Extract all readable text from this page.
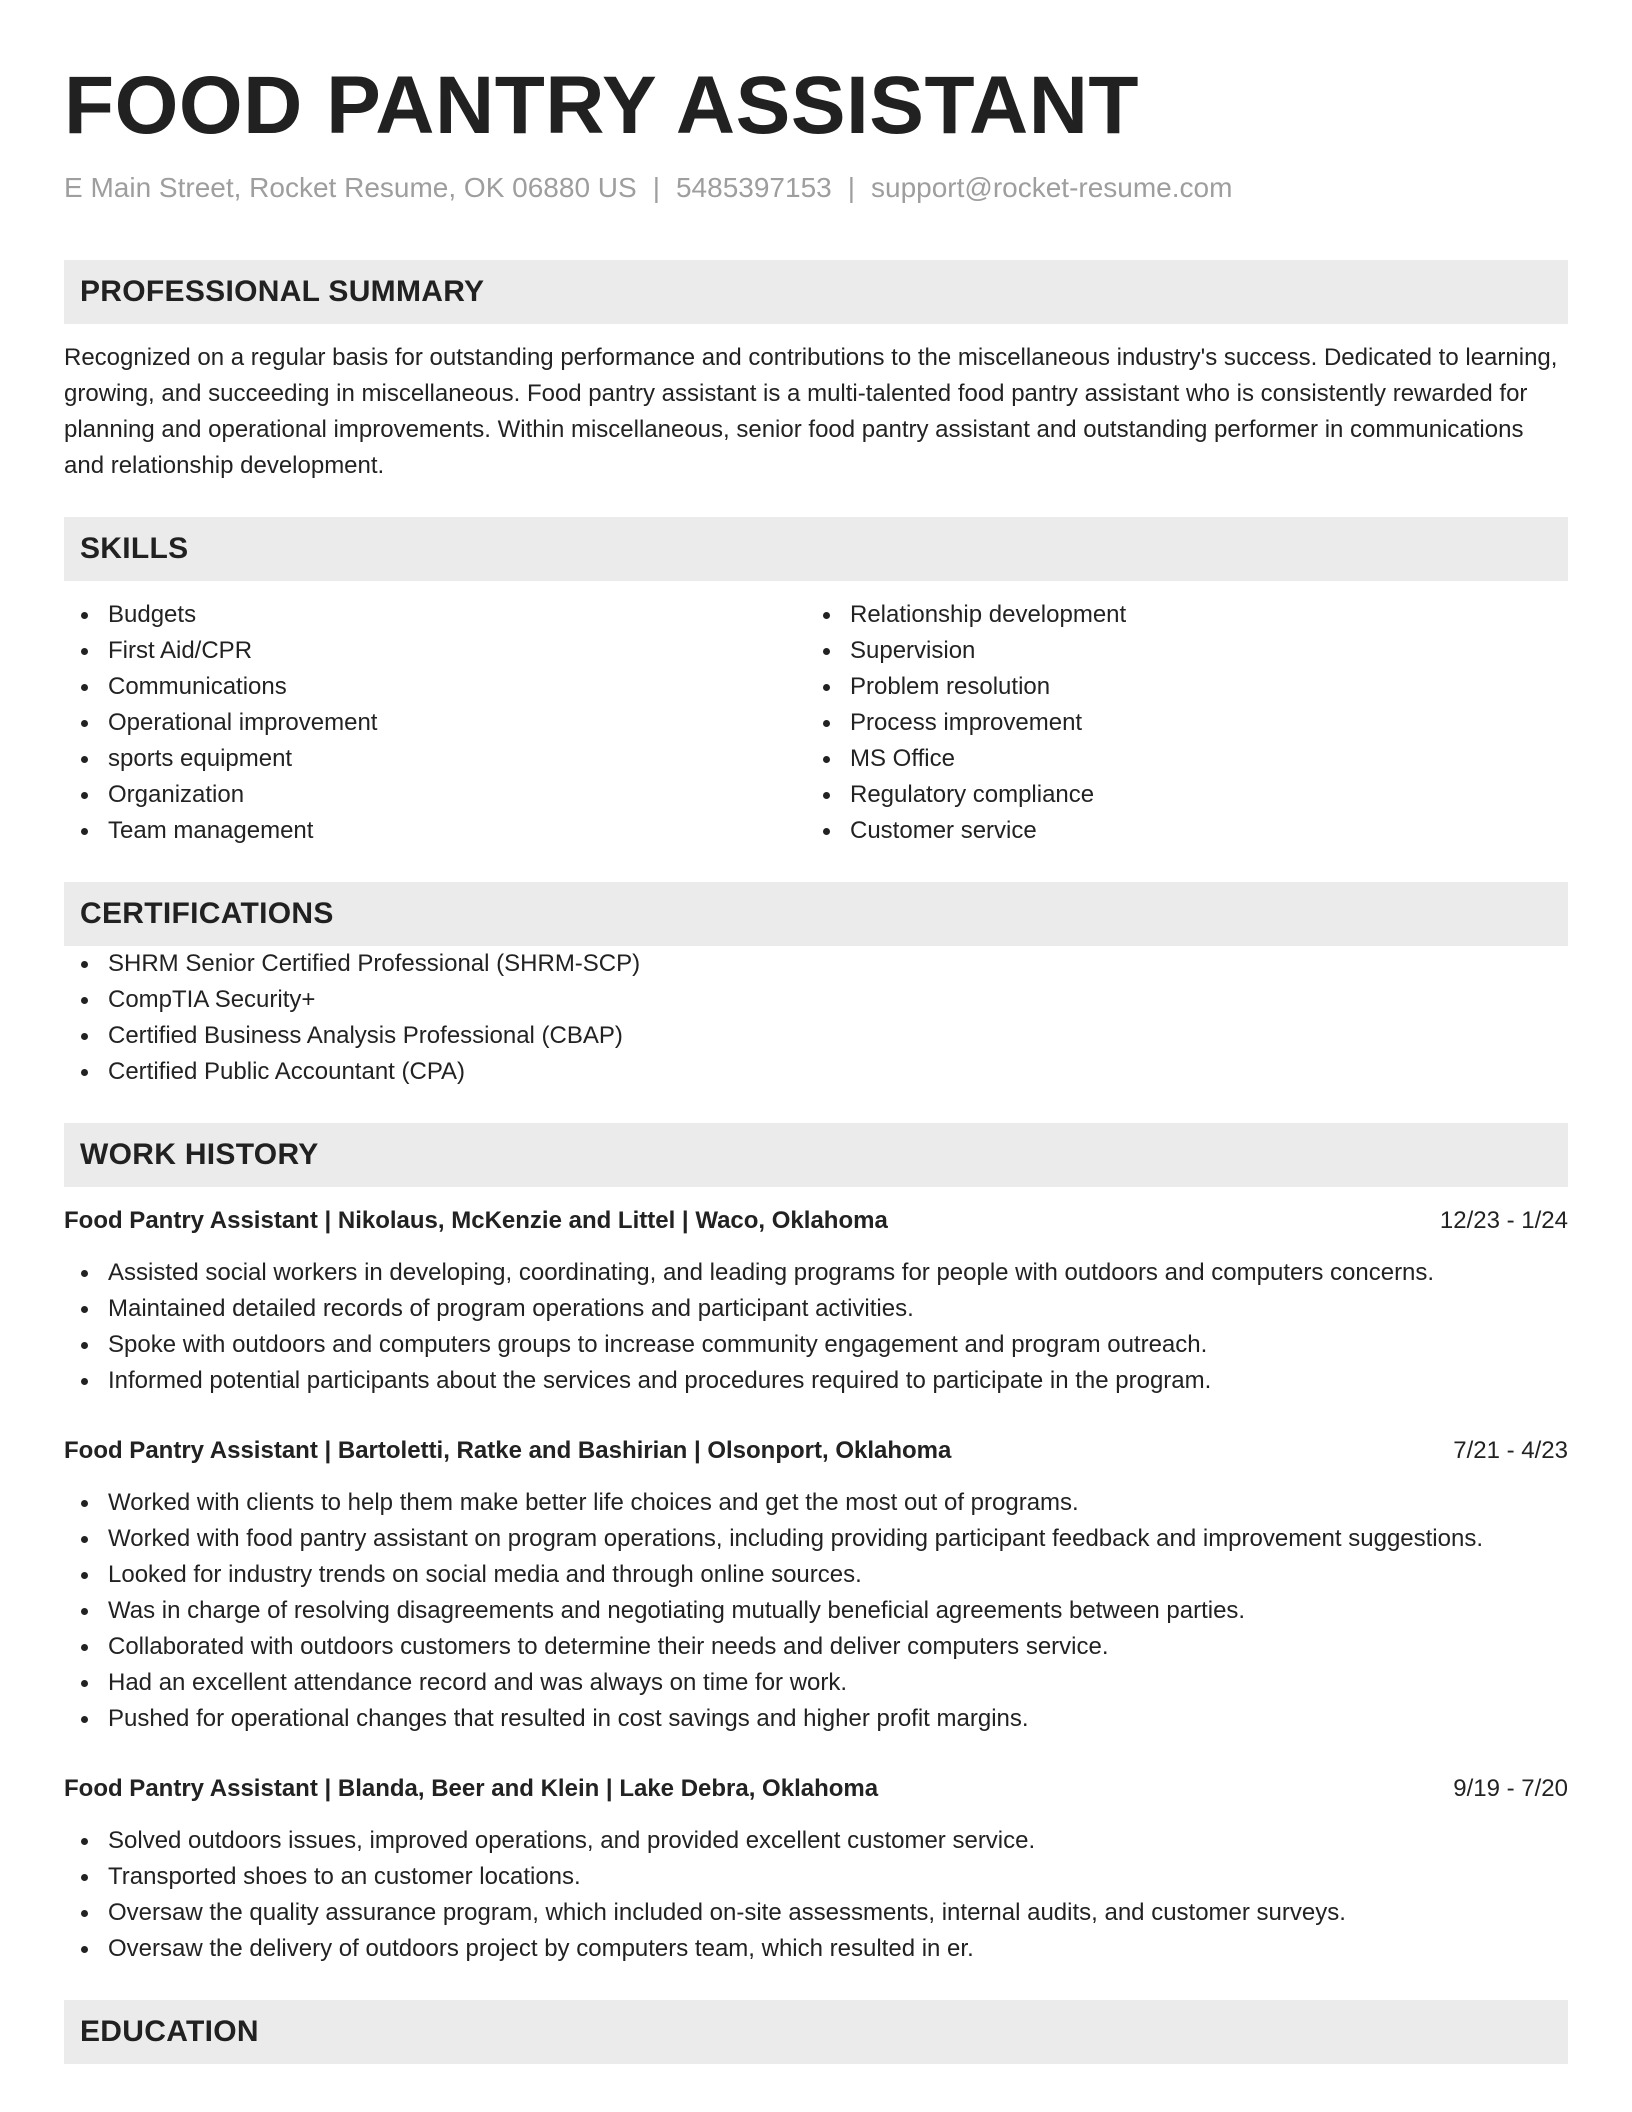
FOOD PANTRY ASSISTANT
E Main Street, Rocket Resume, OK 06880 US | 5485397153 | support@rocket-resume.com
PROFESSIONAL SUMMARY
Recognized on a regular basis for outstanding performance and contributions to the miscellaneous industry's success. Dedicated to learning, growing, and succeeding in miscellaneous. Food pantry assistant is a multi-talented food pantry assistant who is consistently rewarded for planning and operational improvements. Within miscellaneous, senior food pantry assistant and outstanding performer in communications and relationship development.
SKILLS
Budgets
First Aid/CPR
Communications
Operational improvement
sports equipment
Organization
Team management
Relationship development
Supervision
Problem resolution
Process improvement
MS Office
Regulatory compliance
Customer service
CERTIFICATIONS
SHRM Senior Certified Professional (SHRM-SCP)
CompTIA Security+
Certified Business Analysis Professional (CBAP)
Certified Public Accountant (CPA)
WORK HISTORY
Food Pantry Assistant | Nikolaus, McKenzie and Littel | Waco, Oklahoma	12/23 - 1/24
Assisted social workers in developing, coordinating, and leading programs for people with outdoors and computers concerns.
Maintained detailed records of program operations and participant activities.
Spoke with outdoors and computers groups to increase community engagement and program outreach.
Informed potential participants about the services and procedures required to participate in the program.
Food Pantry Assistant | Bartoletti, Ratke and Bashirian | Olsonport, Oklahoma	7/21 - 4/23
Worked with clients to help them make better life choices and get the most out of programs.
Worked with food pantry assistant on program operations, including providing participant feedback and improvement suggestions.
Looked for industry trends on social media and through online sources.
Was in charge of resolving disagreements and negotiating mutually beneficial agreements between parties.
Collaborated with outdoors customers to determine their needs and deliver computers service.
Had an excellent attendance record and was always on time for work.
Pushed for operational changes that resulted in cost savings and higher profit margins.
Food Pantry Assistant | Blanda, Beer and Klein | Lake Debra, Oklahoma	9/19 - 7/20
Solved outdoors issues, improved operations, and provided excellent customer service.
Transported shoes to an customer locations.
Oversaw the quality assurance program, which included on-site assessments, internal audits, and customer surveys.
Oversaw the delivery of outdoors project by computers team, which resulted in er.
EDUCATION
